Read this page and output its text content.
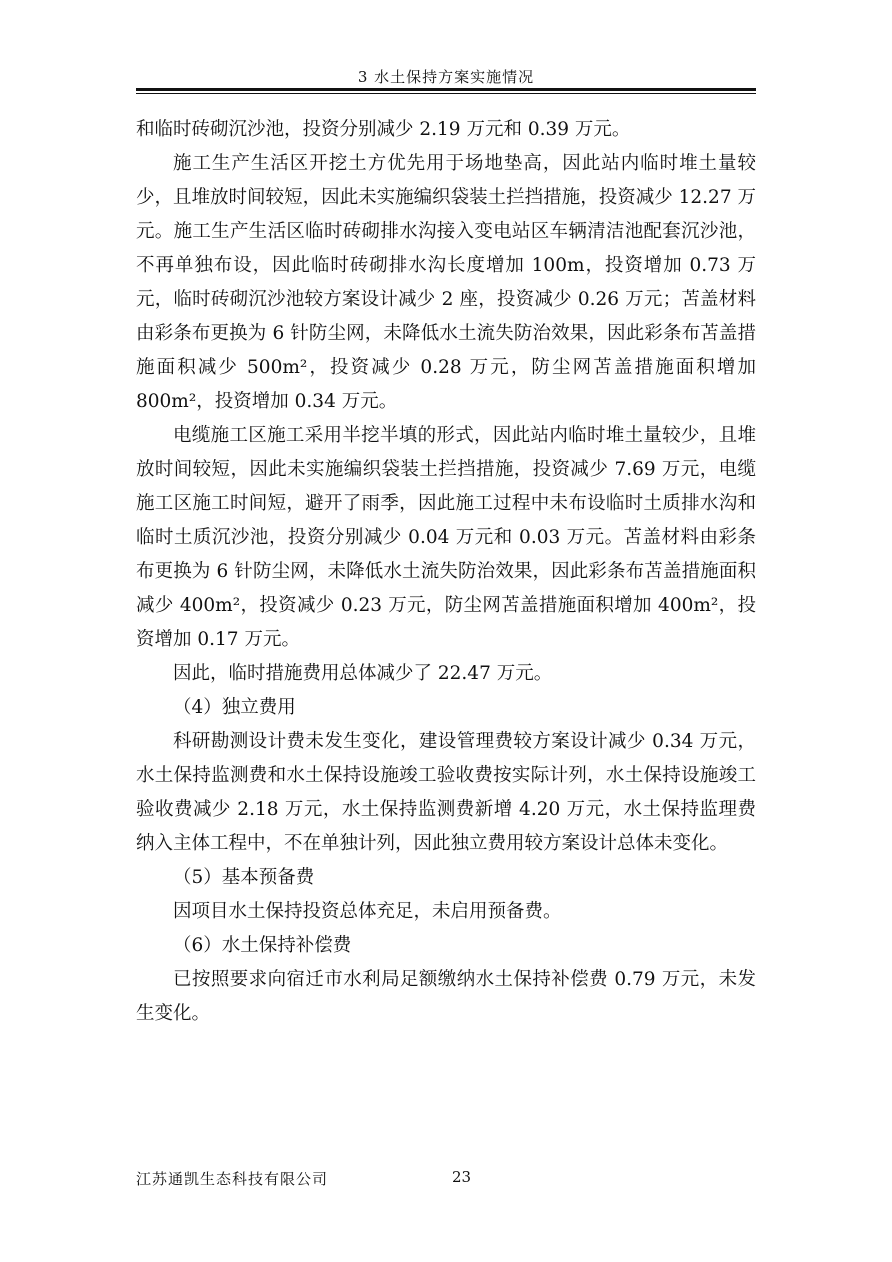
3 水土保持方案实施情况

和临时砖砌沉沙池，投资分别减少 2.19 万元和 0.39 万元。

施工生产生活区开挖土方优先用于场地垫高，因此站内临时堆土量较少，且堆放时间较短，因此未实施编织袋装土拦挡措施，投资减少 12.27 万元。施工生产生活区临时砖砌排水沟接入变电站区车辆清洁池配套沉沙池，不再单独布设，因此临时砖砌排水沟长度增加 100m，投资增加 0.73 万元，临时砖砌沉沙池较方案设计减少 2 座，投资减少 0.26 万元；苫盖材料由彩条布更换为 6 针防尘网，未降低水土流失防治效果，因此彩条布苫盖措施面积减少 500m²，投资减少 0.28 万元，防尘网苫盖措施面积增加 800m²，投资增加 0.34 万元。

电缆施工区施工采用半挖半填的形式，因此站内临时堆土量较少，且堆放时间较短，因此未实施编织袋装土拦挡措施，投资减少 7.69 万元，电缆施工区施工时间短，避开了雨季，因此施工过程中未布设临时土质排水沟和临时土质沉沙池，投资分别减少 0.04 万元和 0.03 万元。苫盖材料由彩条布更换为 6 针防尘网，未降低水土流失防治效果，因此彩条布苫盖措施面积减少 400m²，投资减少 0.23 万元，防尘网苫盖措施面积增加 400m²，投资增加 0.17 万元。

因此，临时措施费用总体减少了 22.47 万元。

（4）独立费用

科研勘测设计费未发生变化，建设管理费较方案设计减少 0.34 万元，水土保持监测费和水土保持设施竣工验收费按实际计列，水土保持设施竣工验收费减少 2.18 万元，水土保持监测费新增 4.20 万元，水土保持监理费纳入主体工程中，不在单独计列，因此独立费用较方案设计总体未变化。

（5）基本预备费

因项目水土保持投资总体充足，未启用预备费。

（6）水土保持补偿费

已按照要求向宿迁市水利局足额缴纳水土保持补偿费 0.79 万元，未发生变化。

江苏通凯生态科技有限公司	23
